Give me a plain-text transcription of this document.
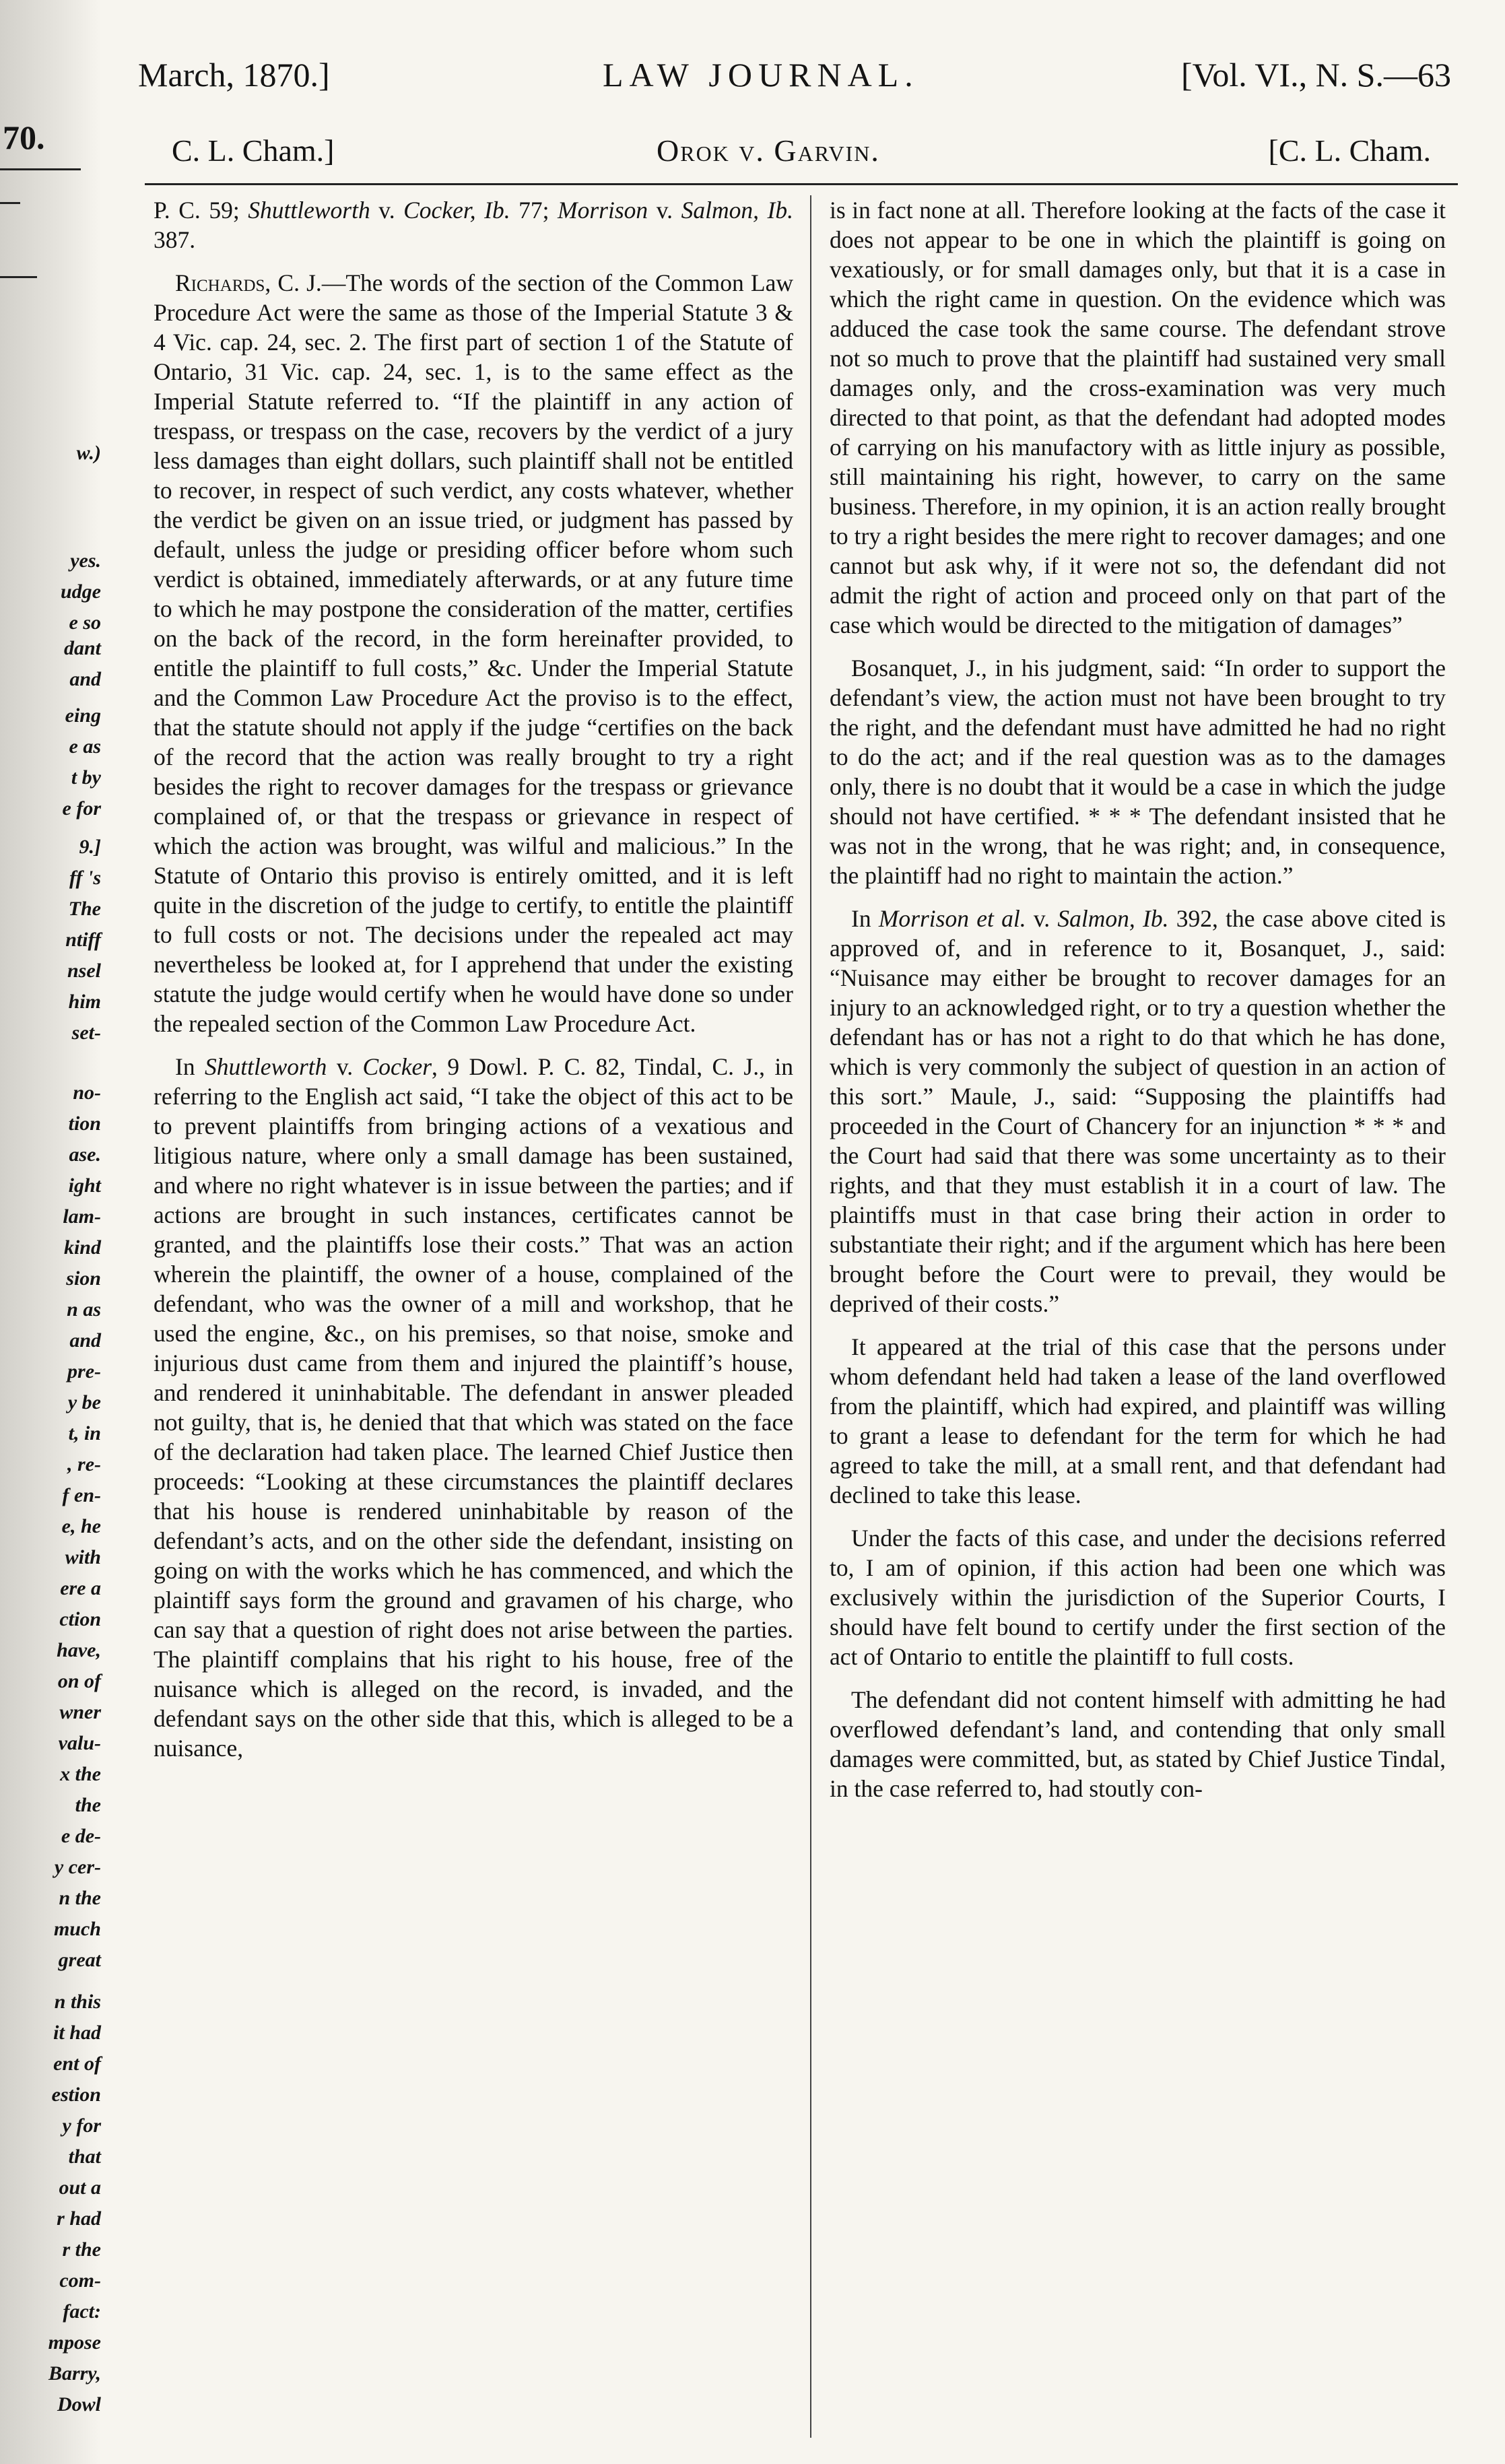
70.
w.)
yes.
udge
e so
dant
and
eing
e as
t by
e for
9.]
ff 's
The
ntiff
nsel
him
set-
no-
tion
ase.
ight
lam-
kind
sion
n as
and
pre-
y be
t, in
, re-
f en-
e, he
with
ere a
ction
have,
on of
wner
valu-
x the
the
e de-
y cer-
n the
much
great
n this
it had
ent of
estion
y for
that
out a
r had
r the
com-
fact:
mpose
Barry,
Dowl
March, 1870.]	LAW JOURNAL.	[Vol. VI., N. S.—63
C. L. Cham.]	Orok v. Garvin.	[C. L. Cham.

P. C. 59; Shuttleworth v. Cocker, Ib. 77; Morrison v. Salmon, Ib. 387.

Richards, C. J.—The words of the section of the Common Law Procedure Act were the same as those of the Imperial Statute 3 & 4 Vic. cap. 24, sec. 2. The first part of section 1 of the Statute of Ontario, 31 Vic. cap. 24, sec. 1, is to the same effect as the Imperial Statute referred to. “If the plaintiff in any action of trespass, or trespass on the case, recovers by the verdict of a jury less damages than eight dollars, such plaintiff shall not be entitled to recover, in respect of such verdict, any costs whatever, whether the verdict be given on an issue tried, or judgment has passed by default, unless the judge or presiding officer before whom such verdict is obtained, immediately afterwards, or at any future time to which he may postpone the consideration of the matter, certifies on the back of the record, in the form hereinafter provided, to entitle the plaintiff to full costs,” &c. Under the Imperial Statute and the Common Law Procedure Act the proviso is to the effect, that the statute should not apply if the judge “certifies on the back of the record that the action was really brought to try a right besides the right to recover damages for the trespass or grievance complained of, or that the trespass or grievance in respect of which the action was brought, was wilful and malicious.” In the Statute of Ontario this proviso is entirely omitted, and it is left quite in the discretion of the judge to certify, to entitle the plaintiff to full costs or not. The decisions under the repealed act may nevertheless be looked at, for I apprehend that under the existing statute the judge would certify when he would have done so under the repealed section of the Common Law Procedure Act.

In Shuttleworth v. Cocker, 9 Dowl. P. C. 82, Tindal, C. J., in referring to the English act said, “I take the object of this act to be to prevent plaintiffs from bringing actions of a vexatious and litigious nature, where only a small damage has been sustained, and where no right whatever is in issue between the parties; and if actions are brought in such instances, certificates cannot be granted, and the plaintiffs lose their costs.” That was an action wherein the plaintiff, the owner of a house, complained of the defendant, who was the owner of a mill and workshop, that he used the engine, &c., on his premises, so that noise, smoke and injurious dust came from them and injured the plaintiff’s house, and rendered it uninhabitable. The defendant in answer pleaded not guilty, that is, he denied that that which was stated on the face of the declaration had taken place. The learned Chief Justice then proceeds: “Looking at these circumstances the plaintiff declares that his house is rendered uninhabitable by reason of the defendant’s acts, and on the other side the defendant, insisting on going on with the works which he has commenced, and which the plaintiff says form the ground and gravamen of his charge, who can say that a question of right does not arise between the parties. The plaintiff complains that his right to his house, free of the nuisance which is alleged on the record, is invaded, and the defendant says on the other side that this, which is alleged to be a nuisance,

is in fact none at all. Therefore looking at the facts of the case it does not appear to be one in which the plaintiff is going on vexatiously, or for small damages only, but that it is a case in which the right came in question. On the evidence which was adduced the case took the same course. The defendant strove not so much to prove that the plaintiff had sustained very small damages only, and the cross-examination was very much directed to that point, as that the defendant had adopted modes of carrying on his manufactory with as little injury as possible, still maintaining his right, however, to carry on the same business. Therefore, in my opinion, it is an action really brought to try a right besides the mere right to recover damages; and one cannot but ask why, if it were not so, the defendant did not admit the right of action and proceed only on that part of the case which would be directed to the mitigation of damages”

Bosanquet, J., in his judgment, said: “In order to support the defendant’s view, the action must not have been brought to try the right, and the defendant must have admitted he had no right to do the act; and if the real question was as to the damages only, there is no doubt that it would be a case in which the judge should not have certified. * * * The defendant insisted that he was not in the wrong, that he was right; and, in consequence, the plaintiff had no right to maintain the action.”

In Morrison et al. v. Salmon, Ib. 392, the case above cited is approved of, and in reference to it, Bosanquet, J., said: “Nuisance may either be brought to recover damages for an injury to an acknowledged right, or to try a question whether the defendant has or has not a right to do that which he has done, which is very commonly the subject of question in an action of this sort.” Maule, J., said: “Supposing the plaintiffs had proceeded in the Court of Chancery for an injunction * * * and the Court had said that there was some uncertainty as to their rights, and that they must establish it in a court of law. The plaintiffs must in that case bring their action in order to substantiate their right; and if the argument which has here been brought before the Court were to prevail, they would be deprived of their costs.”

It appeared at the trial of this case that the persons under whom defendant held had taken a lease of the land overflowed from the plaintiff, which had expired, and plaintiff was willing to grant a lease to defendant for the term for which he had agreed to take the mill, at a small rent, and that defendant had declined to take this lease.

Under the facts of this case, and under the decisions referred to, I am of opinion, if this action had been one which was exclusively within the jurisdiction of the Superior Courts, I should have felt bound to certify under the first section of the act of Ontario to entitle the plaintiff to full costs.

The defendant did not content himself with admitting he had overflowed defendant’s land, and contending that only small damages were committed, but, as stated by Chief Justice Tindal, in the case referred to, had stoutly con-
